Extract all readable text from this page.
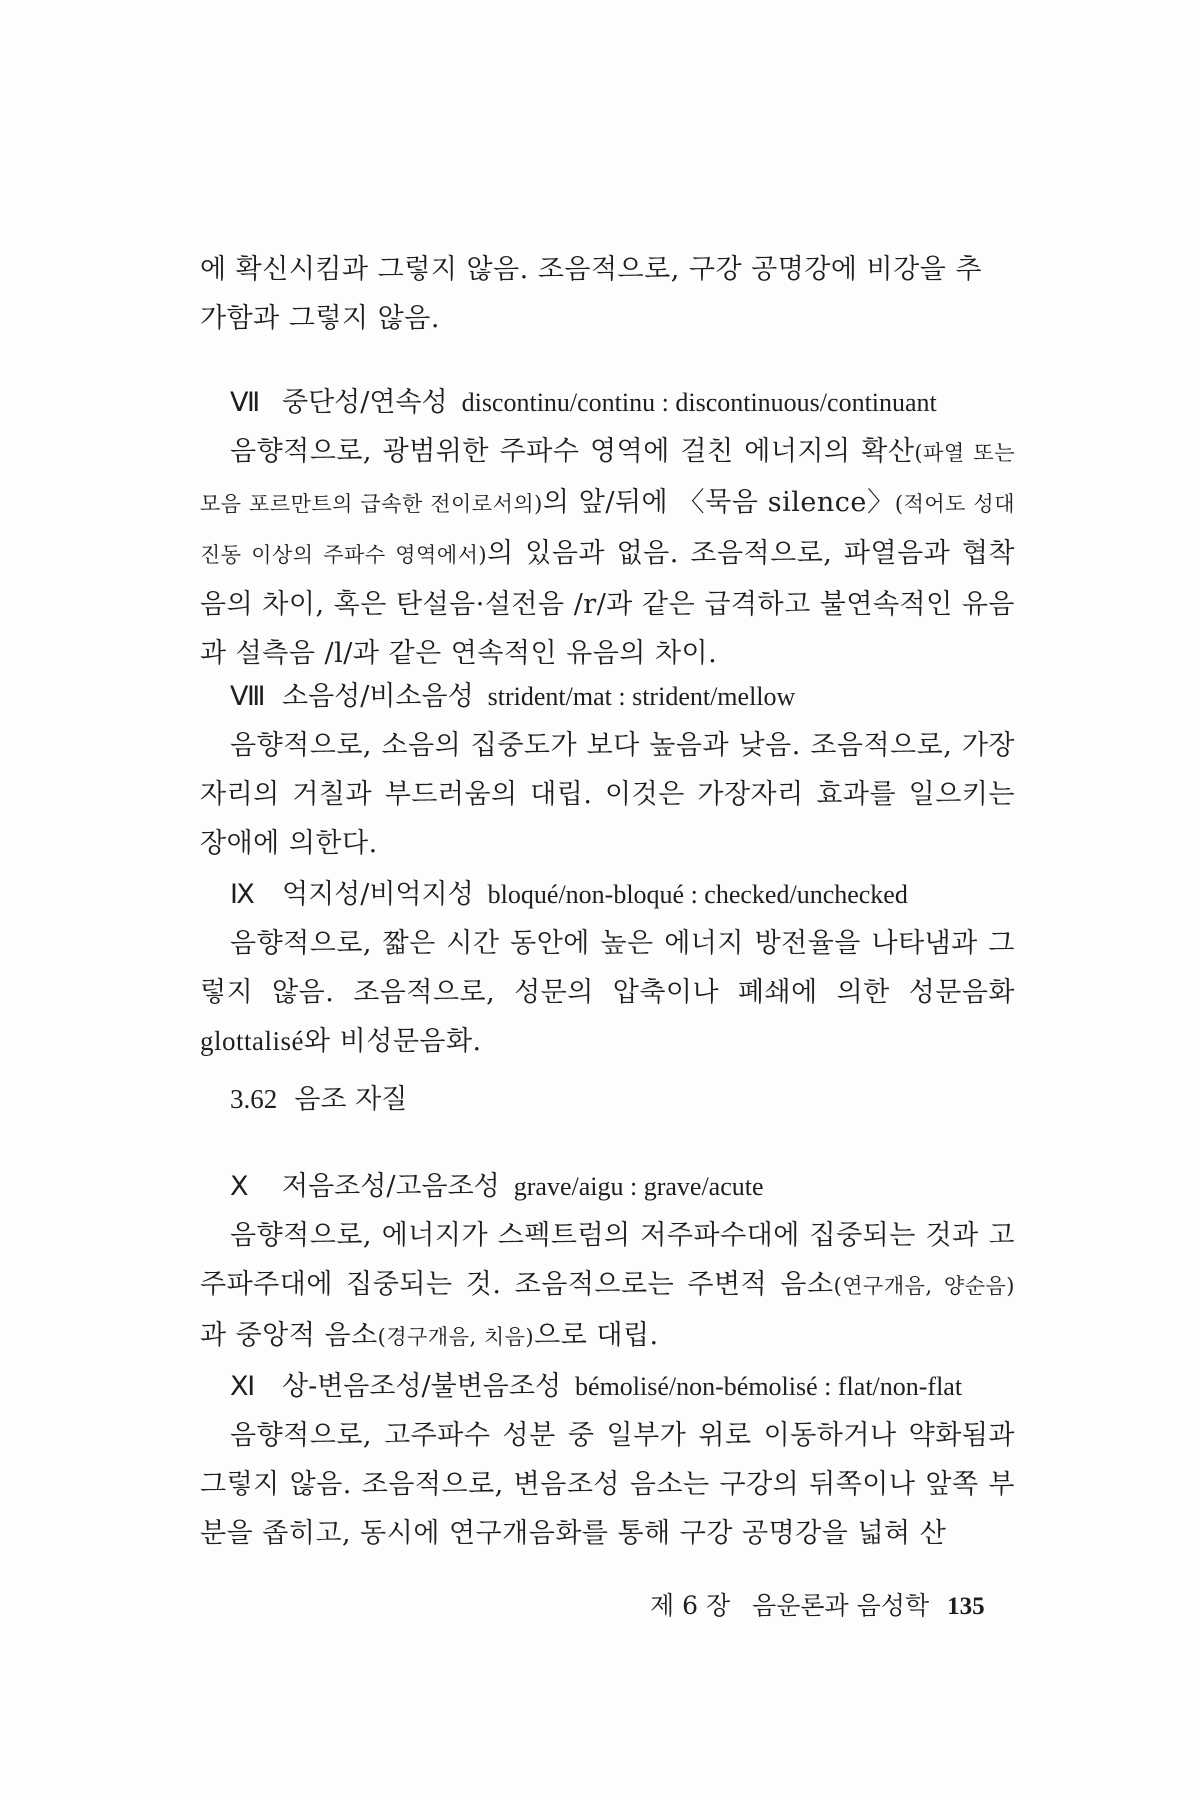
에 확신시킴과 그렇지 않음. 조음적으로, 구강 공명강에 비강을 추

가함과 그렇지 않음.

Ⅶ 중단성/연속성 discontinu/continu : discontinuous/continuant

음향적으로, 광범위한 주파수 영역에 걸친 에너지의 확산(파열 또는 모음 포르만트의 급속한 전이로서의)의 앞/뒤에 〈묵음 silence〉(적어도 성대 진동 이상의 주파수 영역에서)의 있음과 없음. 조음적으로, 파열음과 협착음의 차이, 혹은 탄설음·설전음 /r/과 같은 급격하고 불연속적인 유음과 설측음 /l/과 같은 연속적인 유음의 차이.

Ⅷ 소음성/비소음성 strident/mat : strident/mellow

음향적으로, 소음의 집중도가 보다 높음과 낮음. 조음적으로, 가장자리의 거칠과 부드러움의 대립. 이것은 가장자리 효과를 일으키는 장애에 의한다.

Ⅸ 억지성/비억지성 bloqué/non-bloqué : checked/unchecked

음향적으로, 짧은 시간 동안에 높은 에너지 방전율을 나타냄과 그렇지 않음. 조음적으로, 성문의 압축이나 폐쇄에 의한 성문음화 glottalisé와 비성문음화.

3.62 음조 자질

Ⅹ 저음조성/고음조성 grave/aigu : grave/acute

음향적으로, 에너지가 스펙트럼의 저주파수대에 집중되는 것과 고주파주대에 집중되는 것. 조음적으로는 주변적 음소(연구개음, 양순음)과 중앙적 음소(경구개음, 치음)으로 대립.

Ⅺ 상-변음조성/불변음조성 bémolisé/non-bémolisé : flat/non-flat

음향적으로, 고주파수 성분 중 일부가 위로 이동하거나 약화됨과 그렇지 않음. 조음적으로, 변음조성 음소는 구강의 뒤쪽이나 앞쪽 부분을 좁히고, 동시에 연구개음화를 통해 구강 공명강을 넓혀 산

제 6 장 음운론과 음성학 135
